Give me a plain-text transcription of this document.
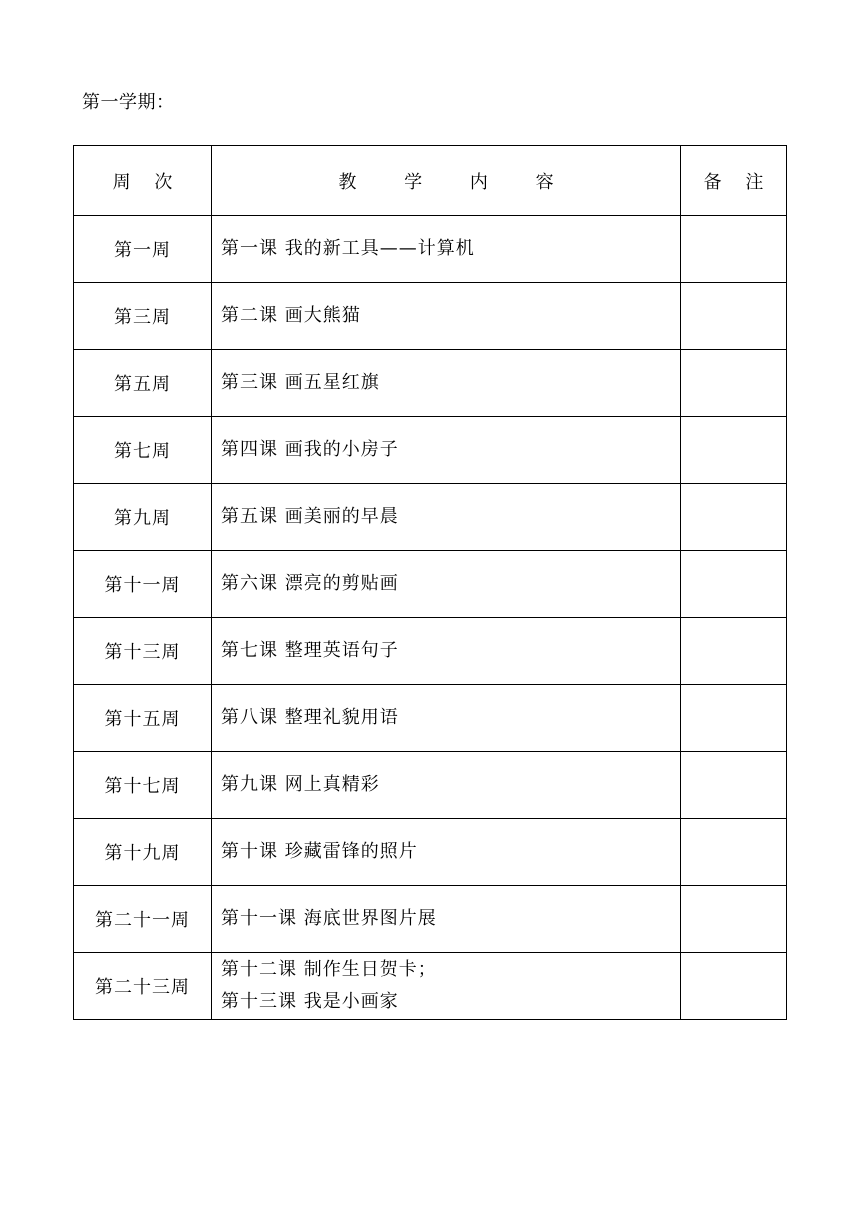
第一学期：
周 次	教 学 内 容	备 注
第一周	第一课 我的新工具——计算机	

第三周	第二课 画大熊猫	

第五周	第三课 画五星红旗	

第七周	第四课 画我的小房子	

第九周	第五课 画美丽的早晨	

第十一周	第六课 漂亮的剪贴画	

第十三周	第七课 整理英语句子	

第十五周	第八课 整理礼貌用语	

第十七周	第九课 网上真精彩	

第十九周	第十课 珍藏雷锋的照片	

第二十一周	第十一课 海底世界图片展	

第二十三周	第十二课 制作生日贺卡；
第十三课 我是小画家	
